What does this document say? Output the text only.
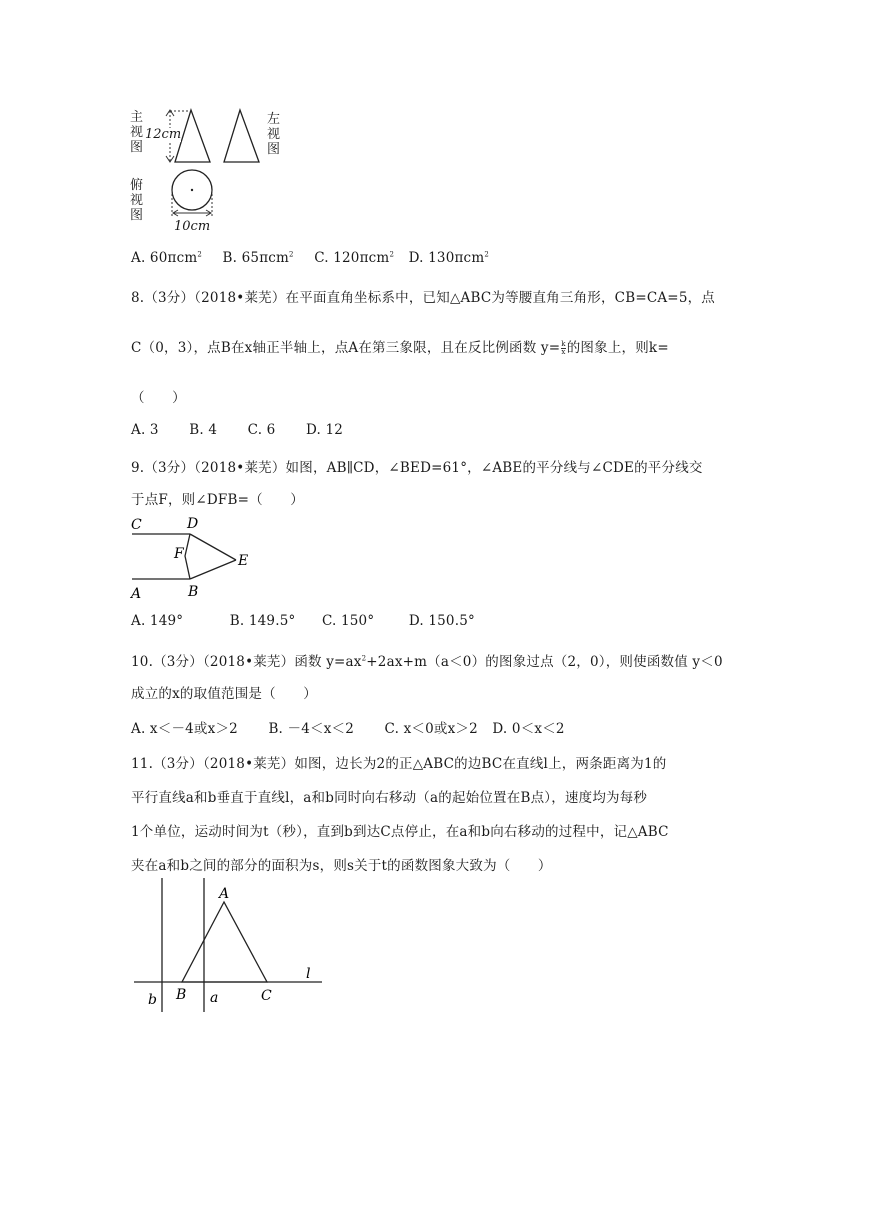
主
视
图
左
视
图
俯
视
图
12cm
10cm
A. 60πcm$^2$ B. 65πcm$^2$ C. 120πcm$^2$ D. 130πcm$^2$
8.（3分）（2018•莱芜）在平面直角坐标系中，已知△ABC为等腰直角三角形，CB=CA=5，点
C（0，3），点B在x轴正半轴上，点A在第三象限，且在反比例函数 $y= \frac{k}{x}$ 的图象上，则k=
（　　）
A. 3 B. 4 C. 6 D. 12
9.（3分）（2018•莱芜）如图，AB∥CD，∠BED=61°，∠ABE的平分线与∠CDE的平分线交
于点F，则∠DFB=（　　）
C	D
F	E
A	B
A. 149°	B. 149.5° C. 150°	D. 150.5°
10.（3分）（2018•莱芜）函数 $y=ax^2+2ax+m(a<0)$的图象过点（2，0），则使函数值 y＜0
成立的x的取值范围是（　　）
A. x＜－4或x＞2 B. －4＜x＜2 C. x＜0或x＞2 D. 0＜x＜2
11.（3分）（2018•莱芜）如图，边长为2的正△ABC的边BC在直线l上，两条距离为1的
平行直线a和b垂直于直线l，a和b同时向右移动（a的起始位置在B点），速度均为每秒
1个单位，运动时间为t（秒），直到b到达C点停止，在a和b向右移动的过程中，记△ABC
夹在a和b之间的部分的面积为s，则s关于t的函数图象大致为（　　）
A
B	C
l
b	a
